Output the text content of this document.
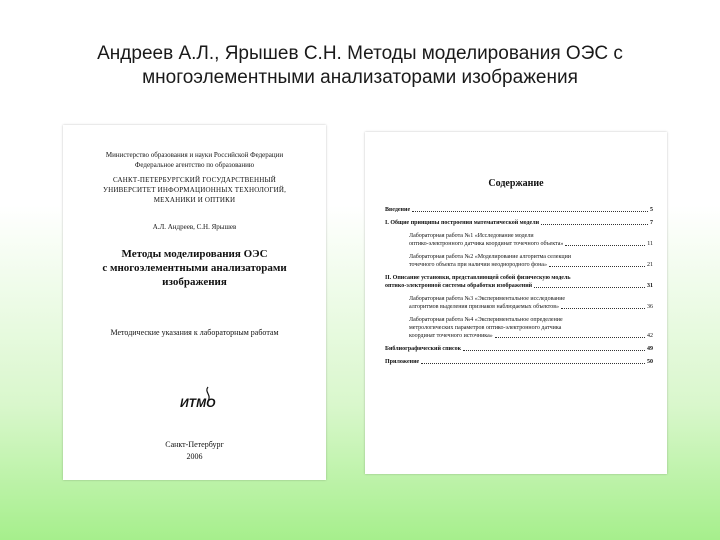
Андреев А.Л., Ярышев С.Н. Методы моделирования ОЭС с
многоэлементными анализаторами изображения
Министерство образования и науки Российской Федерации
Федеральное агентство по образованию
САНКТ-ПЕТЕРБУРГСКИЙ ГОСУДАРСТВЕННЫЙ
УНИВЕРСИТЕТ ИНФОРМАЦИОННЫХ ТЕХНОЛОГИЙ,
МЕХАНИКИ И ОПТИКИ
А.Л. Андреев, С.Н. Ярышев
Методы моделирования ОЭС
с многоэлементными анализаторами
изображения
Методические указания к лабораторным работам
ИТМО
Санкт-Петербург
2006
Содержание
Введение	5
I. Общие принципы построения математической модели	7
Лабораторная работа №1 «Исследование модели
оптико-электронного датчика координат точечного объекта»	11
Лабораторная работа №2 «Моделирование алгоритма селекции
точечного объекта при наличии неоднородного фона»	21
II. Описание установки, представляющей собой физическую модель
оптико-электронной системы обработки изображений	31
Лабораторная работа №3 «Экспериментальное исследование
алгоритмов выделения признаков наблюдаемых объектов»	36
Лабораторная работа №4 «Экспериментальное определение
метрологических параметров оптико-электронного датчика
координат точечного источника»	42
Библиографический список	49
Приложение	50
